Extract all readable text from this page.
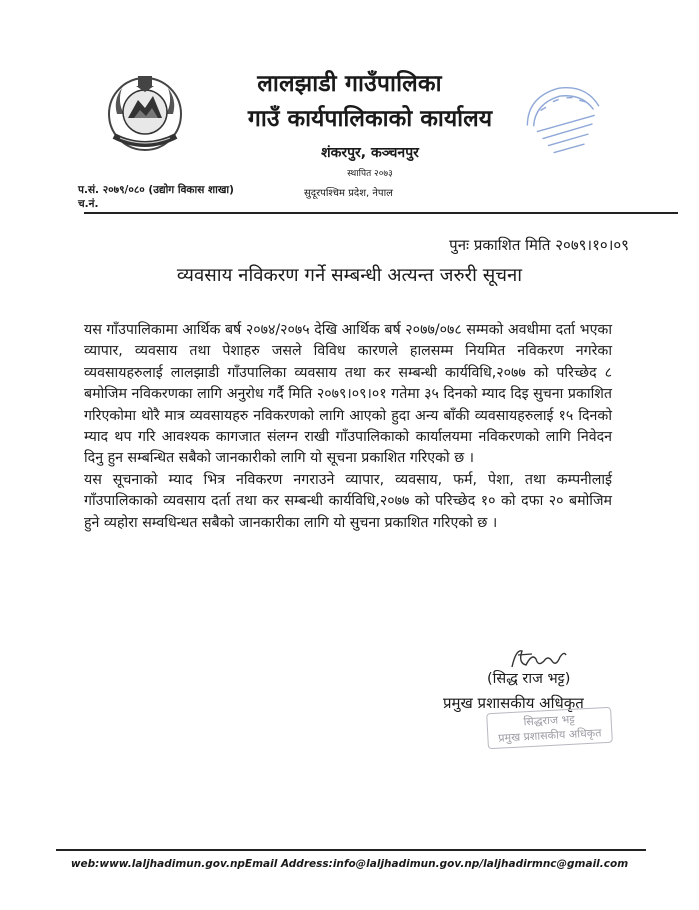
लालझाडी गाउँपालिका
गाउँ कार्यपालिकाको कार्यालय
शंकरपुर, कञ्चनपुर
स्थापित २०७३
प.सं. २०७९/०८० (उद्योग विकास शाखा)
च.नं.
सुदूरपश्चिम प्रदेश, नेपाल
पुनः प्रकाशित मिति २०७९।१०।०९
व्यवसाय नविकरण गर्ने सम्बन्धी अत्यन्त जरुरी सूचना

यस गाँउपालिकामा आर्थिक बर्ष २०७४/२०७५ देखि आर्थिक बर्ष २०७७/०७८ सम्मको अवधीमा दर्ता भएका व्यापार, व्यवसाय तथा पेशाहरु जसले विविध कारणले हालसम्म नियमित नविकरण नगरेका व्यवसायहरुलाई लालझाडी गाँउपालिका व्यवसाय तथा कर सम्बन्धी कार्यविधि,२०७७ को परिच्छेद ८ बमोजिम नविकरणका लागि अनुरोध गर्दै मिति २०७९।०९।०१ गतेमा ३५ दिनको म्याद दिइ सुचना प्रकाशित गरिएकोमा थोरै मात्र व्यवसायहरु नविकरणको लागि आएको हुदा अन्य बाँकी व्यवसायहरुलाई १५ दिनको म्याद थप गरि आवश्यक कागजात संलग्न राखी गाँउपालिकाको कार्यालयमा नविकरणको लागि निवेदन दिनु हुन सम्बन्धित सबैको जानकारीको लागि यो सूचना प्रकाशित गरिएको छ ।

यस सूचनाको म्याद भित्र नविकरण नगराउने व्यापार, व्यवसाय, फर्म, पेशा, तथा कम्पनीलाई गाँउपालिकाको व्यवसाय दर्ता तथा कर सम्बन्धी कार्यविधि,२०७७ को परिच्छेद १० को दफा २० बमोजिम हुने व्यहोरा सम्वधिन्धत सबैको जानकारीका लागि यो सुचना प्रकाशित गरिएको छ ।

(सिद्ध राज भट्ट)
प्रमुख प्रशासकीय अधिकृत
सिद्धराज भट्ट
प्रमुख प्रशासकीय अधिकृत
web:www.laljhadimun.gov.npEmail Address:info@laljhadimun.gov.np/laljhadirmnc@gmail.com
